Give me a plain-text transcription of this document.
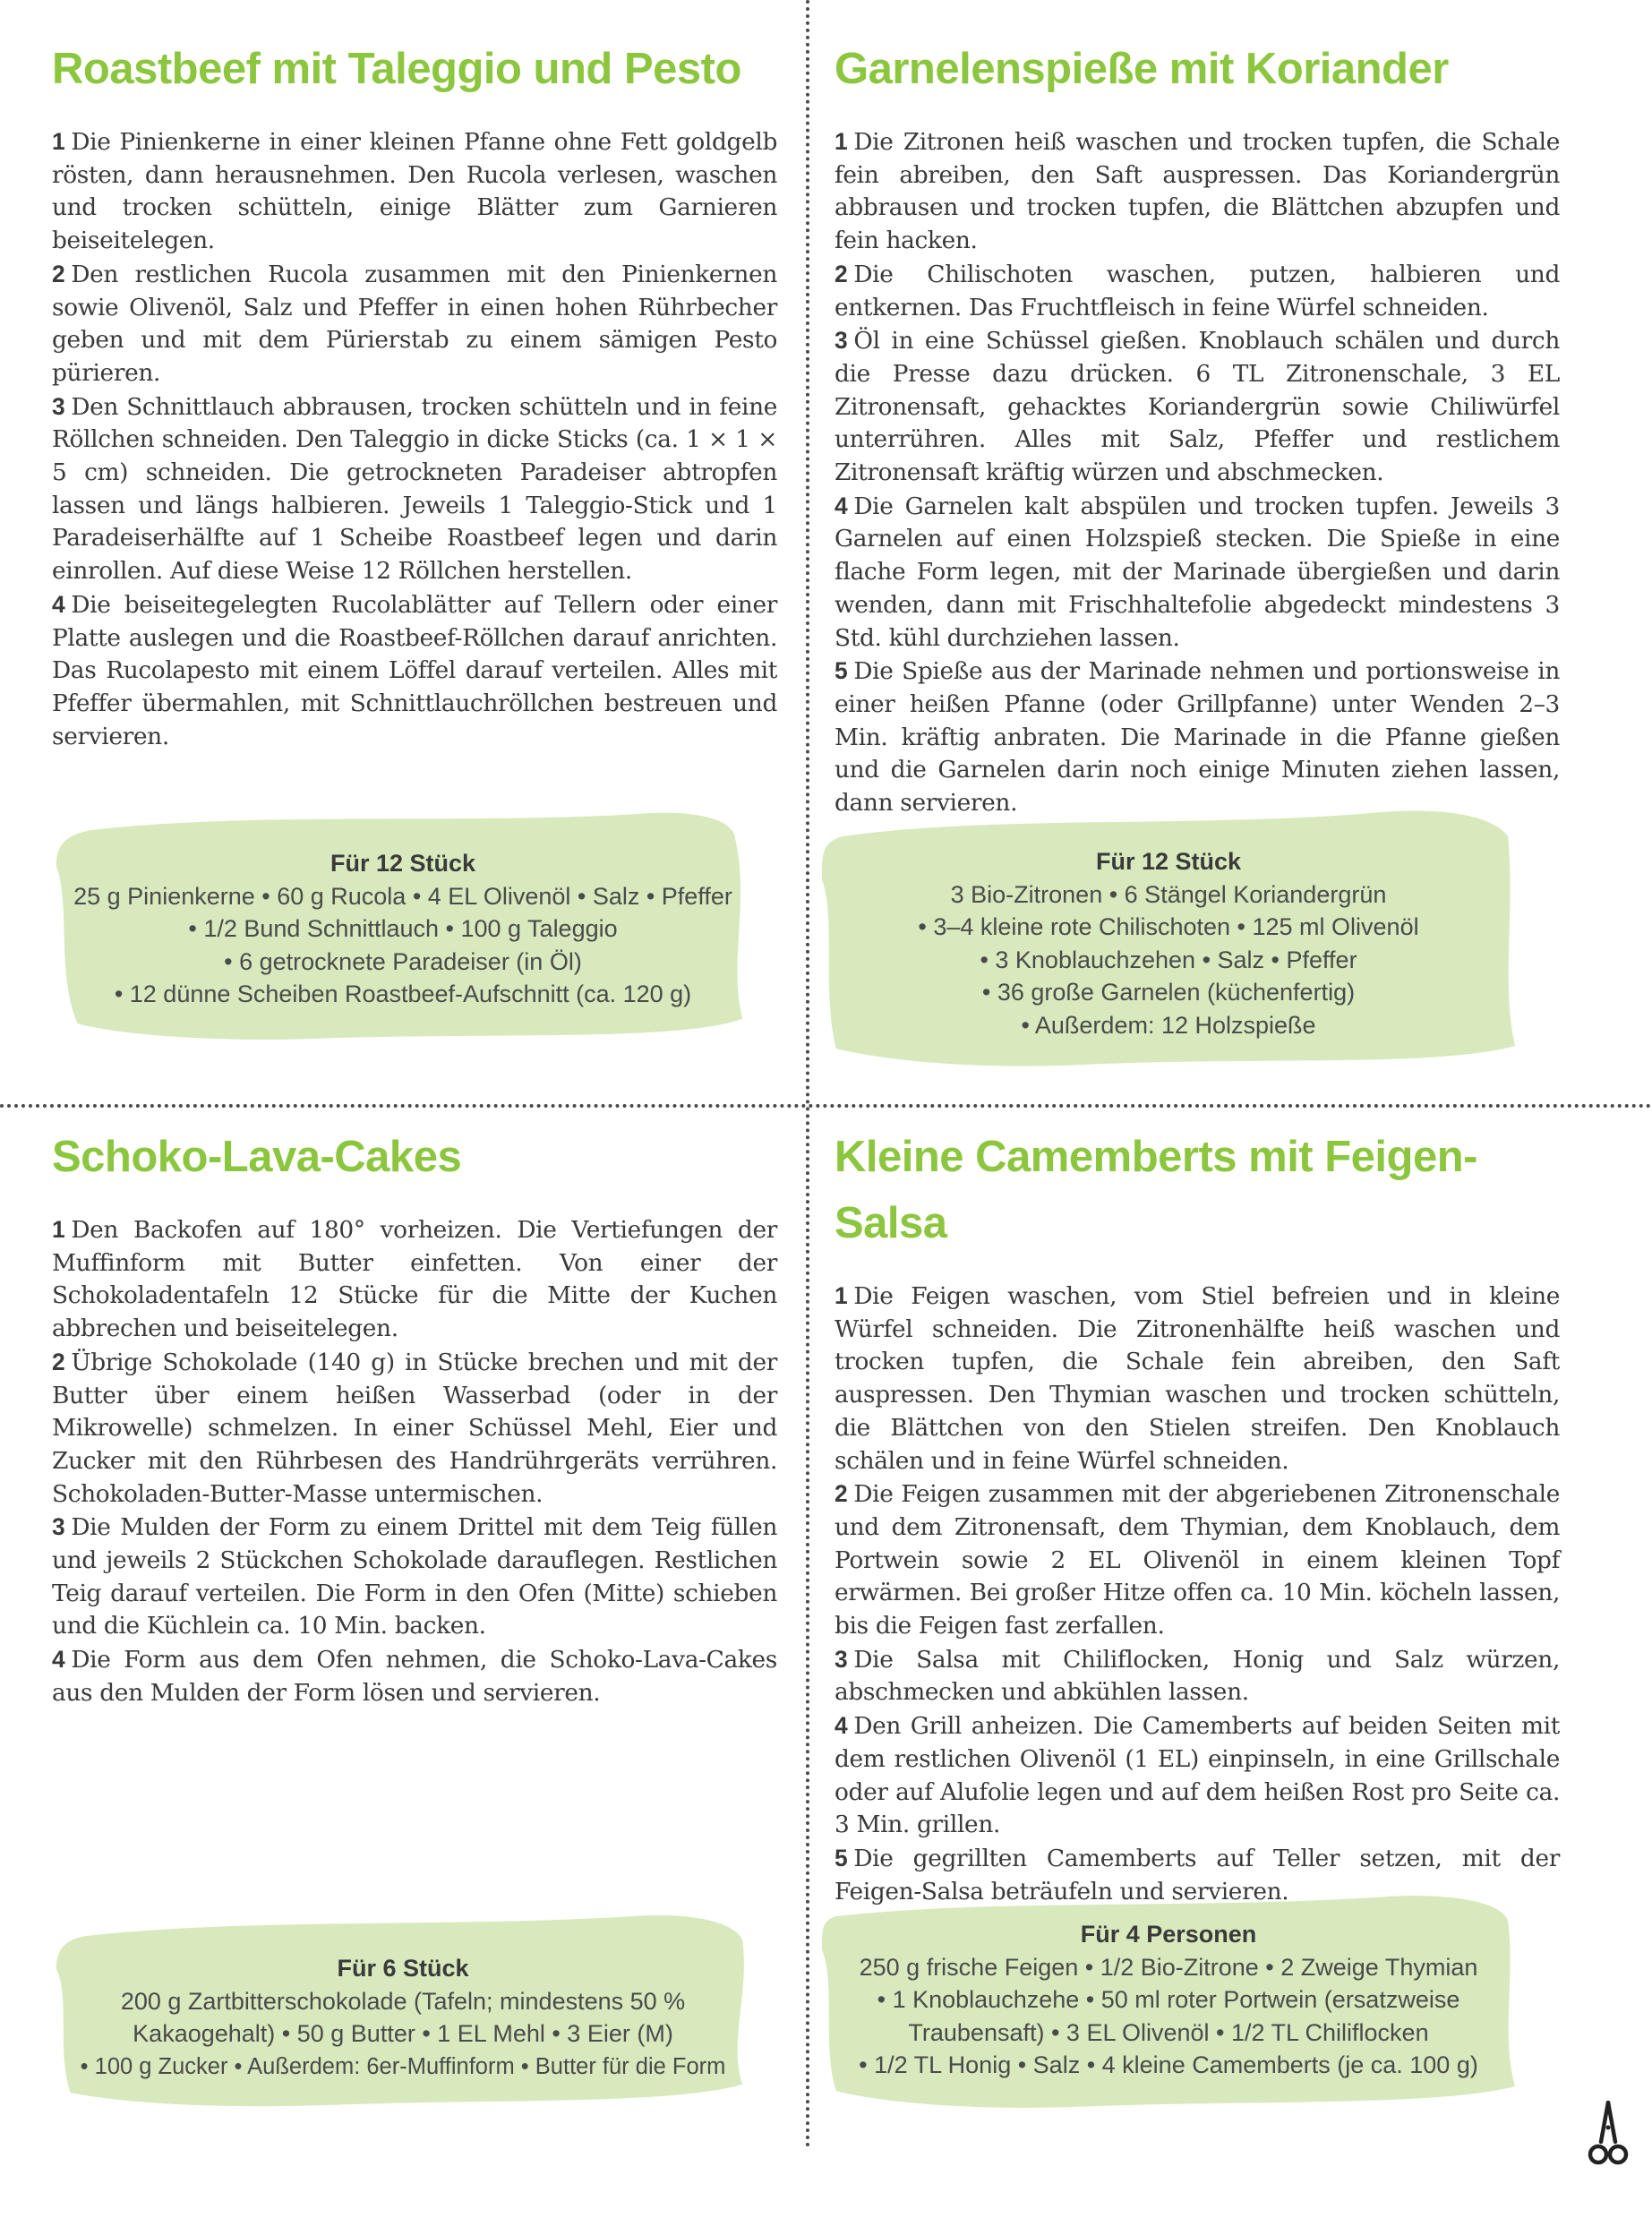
Roastbeef mit Taleggio und Pesto
1 Die Pinienkerne in einer kleinen Pfanne ohne Fett goldgelb rösten, dann herausnehmen. Den Rucola verlesen, waschen und trocken schütteln, einige Blätter zum Garnieren beiseitelegen.
2 Den restlichen Rucola zusammen mit den Pinienkernen sowie Olivenöl, Salz und Pfeffer in einen hohen Rührbecher geben und mit dem Pürierstab zu einem sämigen Pesto pürieren.
3 Den Schnittlauch abbrausen, trocken schütteln und in feine Röllchen schneiden. Den Taleggio in dicke Sticks (ca. 1 × 1 × 5 cm) schneiden. Die getrockneten Paradeiser abtropfen lassen und längs halbieren. Jeweils 1 Taleggio-Stick und 1 Paradeiserhälfte auf 1 Scheibe Roastbeef legen und darin einrollen. Auf diese Weise 12 Röllchen herstellen.
4 Die beiseitegelegten Rucolablätter auf Tellern oder einer Platte auslegen und die Roastbeef-Röllchen darauf anrichten. Das Rucolapesto mit einem Löffel darauf verteilen. Alles mit Pfeffer übermahlen, mit Schnittlauchröllchen bestreuen und servieren.
Für 12 Stück
25 g Pinienkerne • 60 g Rucola • 4 EL Olivenöl • Salz • Pfeffer
• 1/2 Bund Schnittlauch • 100 g Taleggio
• 6 getrocknete Paradeiser (in Öl)
• 12 dünne Scheiben Roastbeef-Aufschnitt (ca. 120 g)
Garnelenspieße mit Koriander
1 Die Zitronen heiß waschen und trocken tupfen, die Schale fein abreiben, den Saft auspressen. Das Koriandergrün abbrausen und trocken tupfen, die Blättchen abzupfen und fein hacken.
2 Die Chilischoten waschen, putzen, halbieren und entkernen. Das Fruchtfleisch in feine Würfel schneiden.
3 Öl in eine Schüssel gießen. Knoblauch schälen und durch die Presse dazu drücken. 6 TL Zitronenschale, 3 EL Zitronensaft, gehacktes Koriandergrün sowie Chiliwürfel unterrühren. Alles mit Salz, Pfeffer und restlichem Zitronensaft kräftig würzen und abschmecken.
4 Die Garnelen kalt abspülen und trocken tupfen. Jeweils 3 Garnelen auf einen Holzspieß stecken. Die Spieße in eine flache Form legen, mit der Marinade übergießen und darin wenden, dann mit Frischhaltefolie abgedeckt mindestens 3 Std. kühl durchziehen lassen.
5 Die Spieße aus der Marinade nehmen und portionsweise in einer heißen Pfanne (oder Grillpfanne) unter Wenden 2–3 Min. kräftig anbraten. Die Marinade in die Pfanne gießen und die Garnelen darin noch einige Minuten ziehen lassen, dann servieren.
Für 12 Stück
3 Bio-Zitronen • 6 Stängel Koriandergrün
• 3–4 kleine rote Chilischoten • 125 ml Olivenöl
• 3 Knoblauchzehen • Salz • Pfeffer
• 36 große Garnelen (küchenfertig)
• Außerdem: 12 Holzspieße
Schoko-Lava-Cakes
1 Den Backofen auf 180° vorheizen. Die Vertiefungen der Muffinform mit Butter einfetten. Von einer der Schokoladentafeln 12 Stücke für die Mitte der Kuchen abbrechen und beiseitelegen.
2 Übrige Schokolade (140 g) in Stücke brechen und mit der Butter über einem heißen Wasserbad (oder in der Mikrowelle) schmelzen. In einer Schüssel Mehl, Eier und Zucker mit den Rührbesen des Handrührgeräts verrühren. Schokoladen-Butter-Masse untermischen.
3 Die Mulden der Form zu einem Drittel mit dem Teig füllen und jeweils 2 Stückchen Schokolade darauflegen. Restlichen Teig darauf verteilen. Die Form in den Ofen (Mitte) schieben und die Küchlein ca. 10 Min. backen.
4 Die Form aus dem Ofen nehmen, die Schoko-Lava-Cakes aus den Mulden der Form lösen und servieren.
Für 6 Stück
200 g Zartbitterschokolade (Tafeln; mindestens 50 %
Kakaogehalt) • 50 g Butter • 1 EL Mehl • 3 Eier (M)
• 100 g Zucker • Außerdem: 6er-Muffinform • Butter für die Form
Kleine Camemberts mit Feigen-Salsa
1 Die Feigen waschen, vom Stiel befreien und in kleine Würfel schneiden. Die Zitronenhälfte heiß waschen und trocken tupfen, die Schale fein abreiben, den Saft auspressen. Den Thymian waschen und trocken schütteln, die Blättchen von den Stielen streifen. Den Knoblauch schälen und in feine Würfel schneiden.
2 Die Feigen zusammen mit der abgeriebenen Zitronenschale und dem Zitronensaft, dem Thymian, dem Knoblauch, dem Portwein sowie 2 EL Olivenöl in einem kleinen Topf erwärmen. Bei großer Hitze offen ca. 10 Min. köcheln lassen, bis die Feigen fast zerfallen.
3 Die Salsa mit Chiliflocken, Honig und Salz würzen, abschmecken und abkühlen lassen.
4 Den Grill anheizen. Die Camemberts auf beiden Seiten mit dem restlichen Olivenöl (1 EL) einpinseln, in eine Grillschale oder auf Alufolie legen und auf dem heißen Rost pro Seite ca. 3 Min. grillen.
5 Die gegrillten Camemberts auf Teller setzen, mit der Feigen-Salsa beträufeln und servieren.
Für 4 Personen
250 g frische Feigen • 1/2 Bio-Zitrone • 2 Zweige Thymian
• 1 Knoblauchzehe • 50 ml roter Portwein (ersatzweise
Traubensaft) • 3 EL Olivenöl • 1/2 TL Chiliflocken
• 1/2 TL Honig • Salz • 4 kleine Camemberts (je ca. 100 g)
